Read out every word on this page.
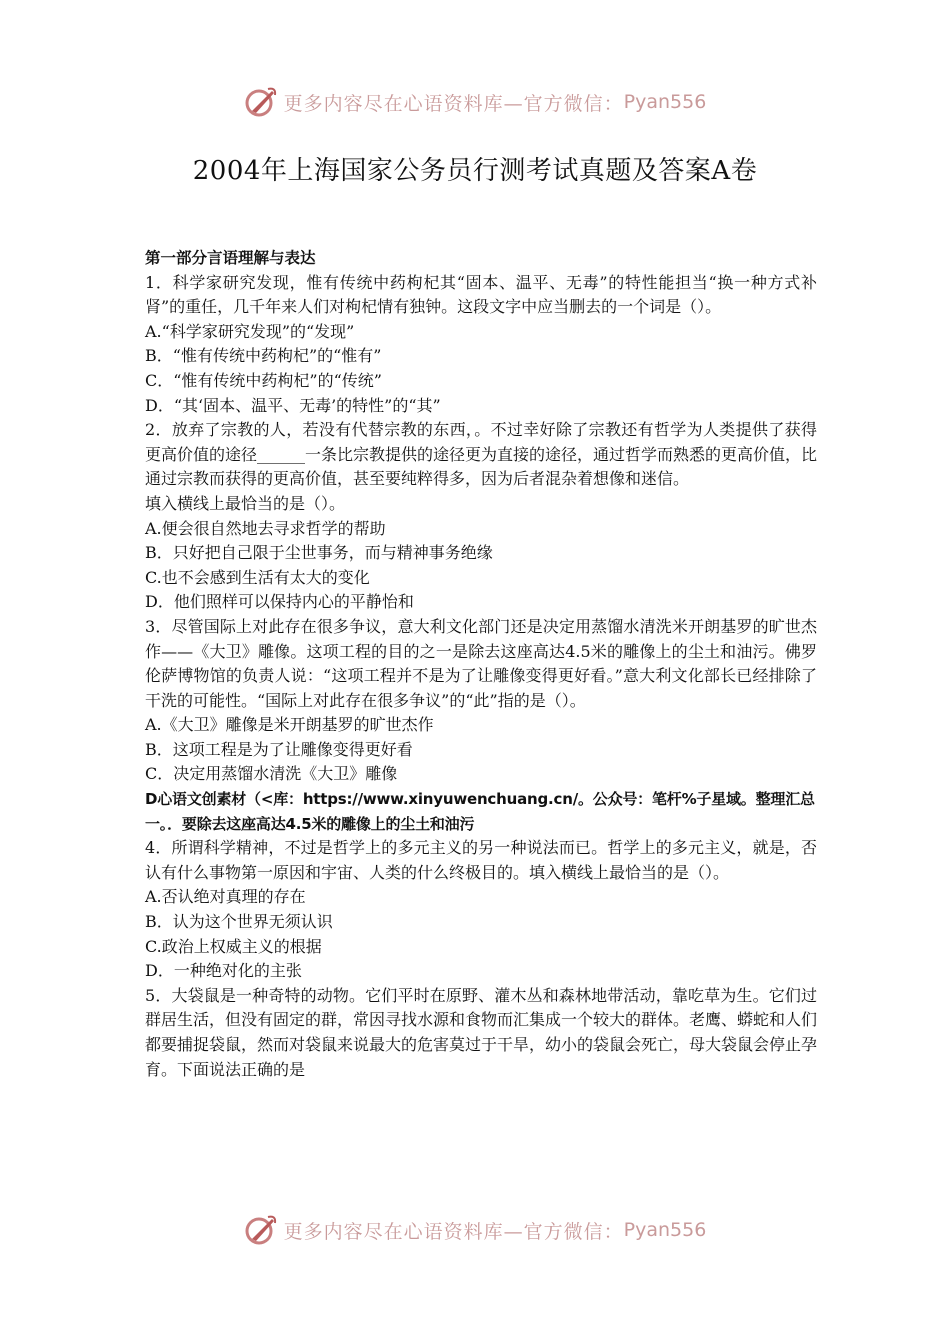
更多内容尽在心语资料库—官方微信： Pyan556
2004年上海国家公务员行测考试真题及答案A卷

第一部分言语理解与表达

1．科学家研究发现，惟有传统中药枸杞其“固本、温平、无毒”的特性能担当“换一种方式补肾”的重任，几千年来人们对枸杞情有独钟。这段文字中应当删去的一个词是（）。

A.“科学家研究发现”的“发现”

B．“惟有传统中药枸杞”的“惟有”

C．“惟有传统中药枸杞”的“传统”

D．“其‘固本、温平、无毒’的特性”的“其”

2．放弃了宗教的人，若没有代替宗教的东西，。不过幸好除了宗教还有哲学为人类提供了获得更高价值的途径______一条比宗教提供的途径更为直接的途径，通过哲学而熟悉的更高价值，比通过宗教而获得的更高价值，甚至要纯粹得多，因为后者混杂着想像和迷信。

填入横线上最恰当的是（）。

A.便会很自然地去寻求哲学的帮助

B．只好把自己限于尘世事务，而与精神事务绝缘

C.也不会感到生活有太大的变化

D．他们照样可以保持内心的平静怡和

3．尽管国际上对此存在很多争议，意大利文化部门还是决定用蒸馏水清洗米开朗基罗的旷世杰作——《大卫》雕像。这项工程的目的之一是除去这座高达4.5米的雕像上的尘土和油污。佛罗伦萨博物馆的负责人说：“这项工程并不是为了让雕像变得更好看。”意大利文化部长已经排除了干洗的可能性。“国际上对此存在很多争议”的“此”指的是（）。

A.《大卫》雕像是米开朗基罗的旷世杰作

B．这项工程是为了让雕像变得更好看

C．决定用蒸馏水清洗《大卫》雕像

D心语文创素材（<库：https://www.xinyuwenchuang.cn/。公众号：笔杆%子星域。整理汇总一。．要除去这座高达4.5米的雕像上的尘土和油污

4．所谓科学精神，不过是哲学上的多元主义的另一种说法而已。哲学上的多元主义，就是，否认有什么事物第一原因和宇宙、人类的什么终极目的。填入横线上最恰当的是（）。

A.否认绝对真理的存在

B．认为这个世界无须认识

C.政治上权威主义的根据

D．一种绝对化的主张

5．大袋鼠是一种奇特的动物。它们平时在原野、灌木丛和森林地带活动，靠吃草为生。它们过群居生活，但没有固定的群，常因寻找水源和食物而汇集成一个较大的群体。老鹰、蟒蛇和人们都要捕捉袋鼠，然而对袋鼠来说最大的危害莫过于干旱，幼小的袋鼠会死亡，母大袋鼠会停止孕育。下面说法正确的是

更多内容尽在心语资料库—官方微信： Pyan556
